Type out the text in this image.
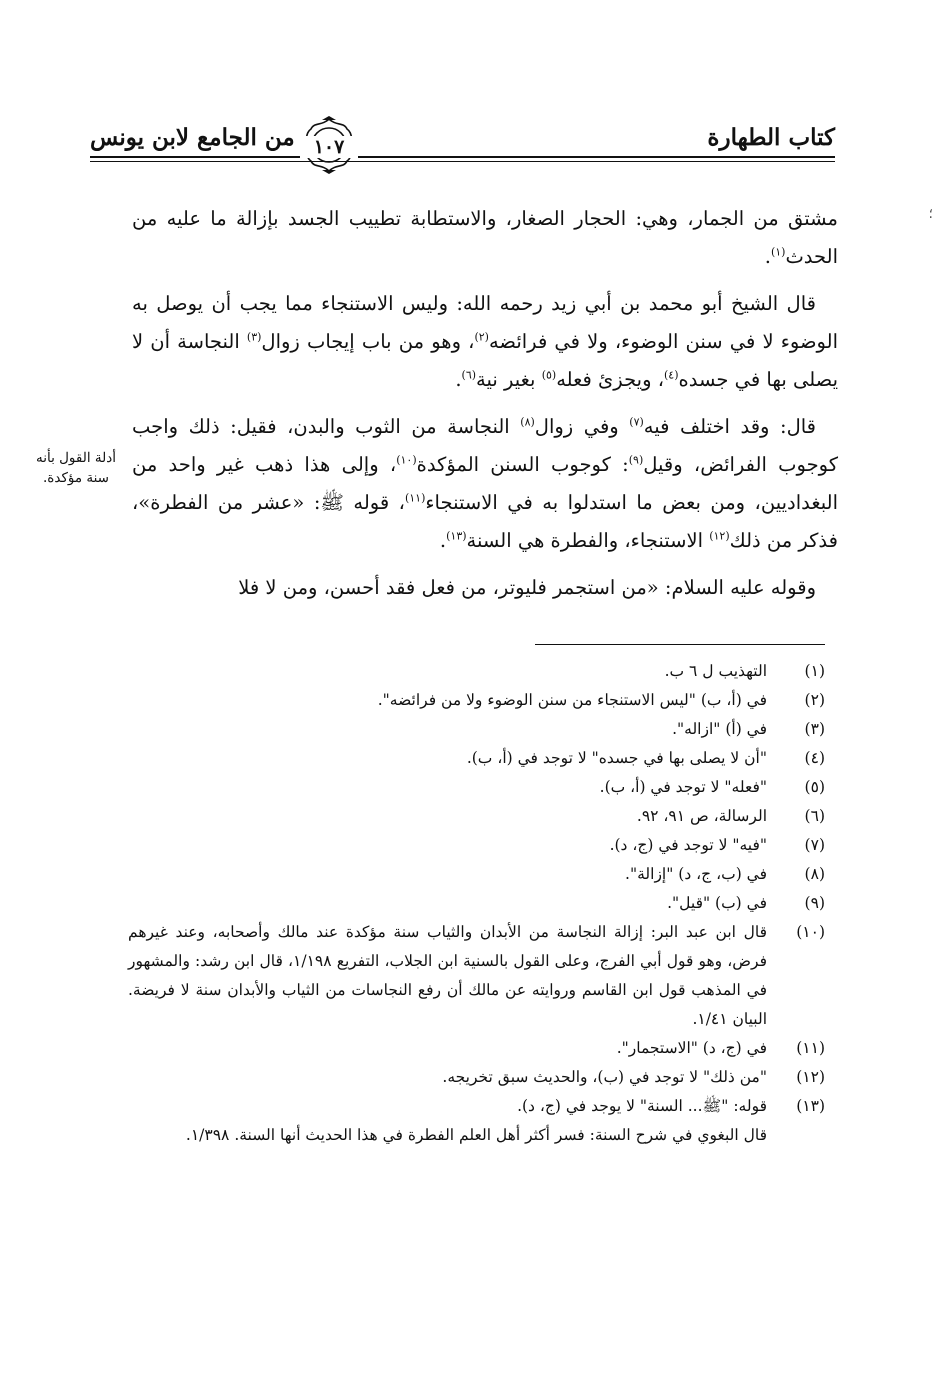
كتاب الطهارة
من الجامع لابن يونس ١٠٧
؛

مشتق من الجمار، وهي: الحجار الصغار، والاستطابة تطييب الجسد بإزالة ما عليه من الحدث$^{(١)}$.

قال الشيخ أبو محمد بن أبي زيد رحمه الله: وليس الاستنجاء مما يجب أن يوصل به الوضوء لا في سنن الوضوء، ولا في فرائضه$^{(٢)}$، وهو من باب إيجاب زوال$^{(٣)}$ النجاسة أن لا يصلى بها في جسده$^{(٤)}$، ويجزئ فعله$^{(٥)}$ بغير نية$^{(٦)}$.

قال: وقد اختلف فيه$^{(٧)}$ وفي زوال$^{(٨)}$ النجاسة من الثوب والبدن، فقيل: ذلك واجب كوجوب الفرائض، وقيل$^{(٩)}$: كوجوب السنن المؤكدة$^{(١٠)}$، وإلى هذا ذهب غير واحد من البغداديين، ومن بعض ما استدلوا به في الاستنجاء$^{(١١)}$، قوله ﷺ: «عشر من الفطرة»، فذكر من ذلك$^{(١٢)}$ الاستنجاء، والفطرة هي السنة$^{(١٣)}$.

وقوله عليه السلام: «من استجمر فليوتر، من فعل فقد أحسن، ومن لا فلا

أدلة القول بأنه سنة مؤكدة.
(١)
التهذيب ل ٦ ب.
(٢)
في (أ، ب) "ليس الاستنجاء من سنن الوضوء ولا من فرائضه".
(٣)
في (أ) "ازاله".
(٤)
"أن لا يصلى بها في جسده" لا توجد في (أ، ب).
(٥)
"فعله" لا توجد في (أ، ب).
(٦)
الرسالة، ص ٩١، ٩٢.
(٧)
"فيه" لا توجد في (ج، د).
(٨)
في (ب، ج، د) "إزالة".
(٩)
في (ب) "قيل".
(١٠)
قال ابن عبد البر: إزالة النجاسة من الأبدان والثياب سنة مؤكدة عند مالك وأصحابه، وعند غيرهم فرض، وهو قول أبي الفرج، وعلى القول بالسنية ابن الجلاب، التفريع ١/١٩٨، قال ابن رشد: والمشهور في المذهب قول ابن القاسم وروايته عن مالك أن رفع النجاسات من الثياب والأبدان سنة لا فريضة. البيان ١/٤١.
(١١)
في (ج، د) "الاستجمار".
(١٢)
"من ذلك" لا توجد في (ب)، والحديث سبق تخريجه.
(١٣)
قوله: "ﷺ... السنة" لا يوجد في (ج، د).
قال البغوي في شرح السنة: فسر أكثر أهل العلم الفطرة في هذا الحديث أنها السنة. ١/٣٩٨.
